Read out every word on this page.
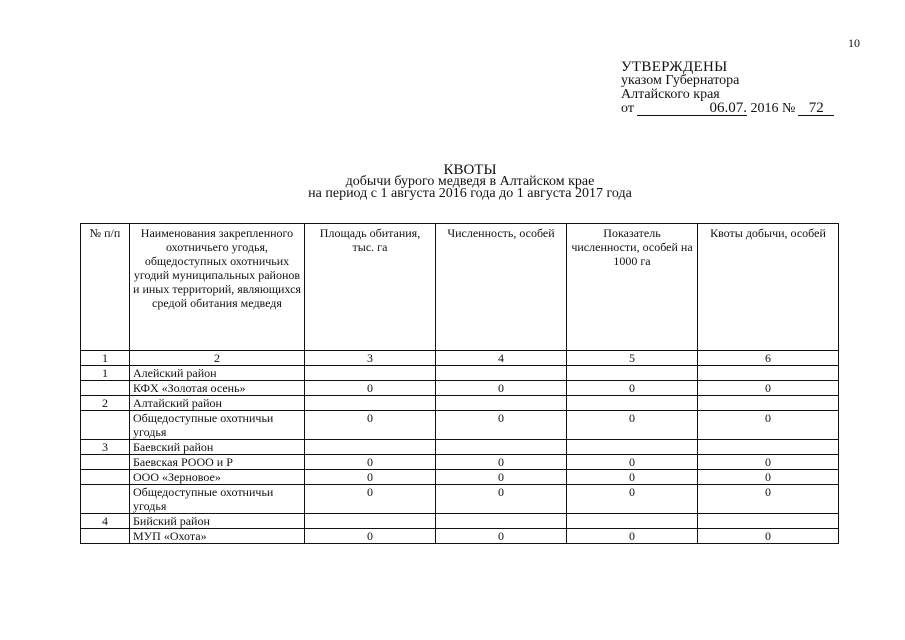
10
УТВЕРЖДЕНЫ
указом Губернатора
Алтайского края
от	06.07. 2016 № 72
КВОТЫ
добычи бурого медведя в Алтайском крае
на период с 1 августа 2016 года до 1 августа 2017 года
№ п/п	Наименования закрепленного охотничьего угодья, общедоступных охотничьих угодий муниципальных районов и иных территорий, являющихся средой обитания медведя	Площадь обитания, тыс. га	Численность, особей	Показатель численности, особей на 1000 га	Квоты добычи, особей
1	2	3	4	5	6
1	Алейский район				
	КФХ «Золотая осень»	0	0	0	0
2	Алтайский район				
	Общедоступные охотничьи угодья	0	0	0	0
3	Баевский район				
	Баевская РООО и Р	0	0	0	0
	ООО «Зерновое»	0	0	0	0
	Общедоступные охотничьи угодья	0	0	0	0
4	Бийский район				
	МУП «Охота»	0	0	0	0
